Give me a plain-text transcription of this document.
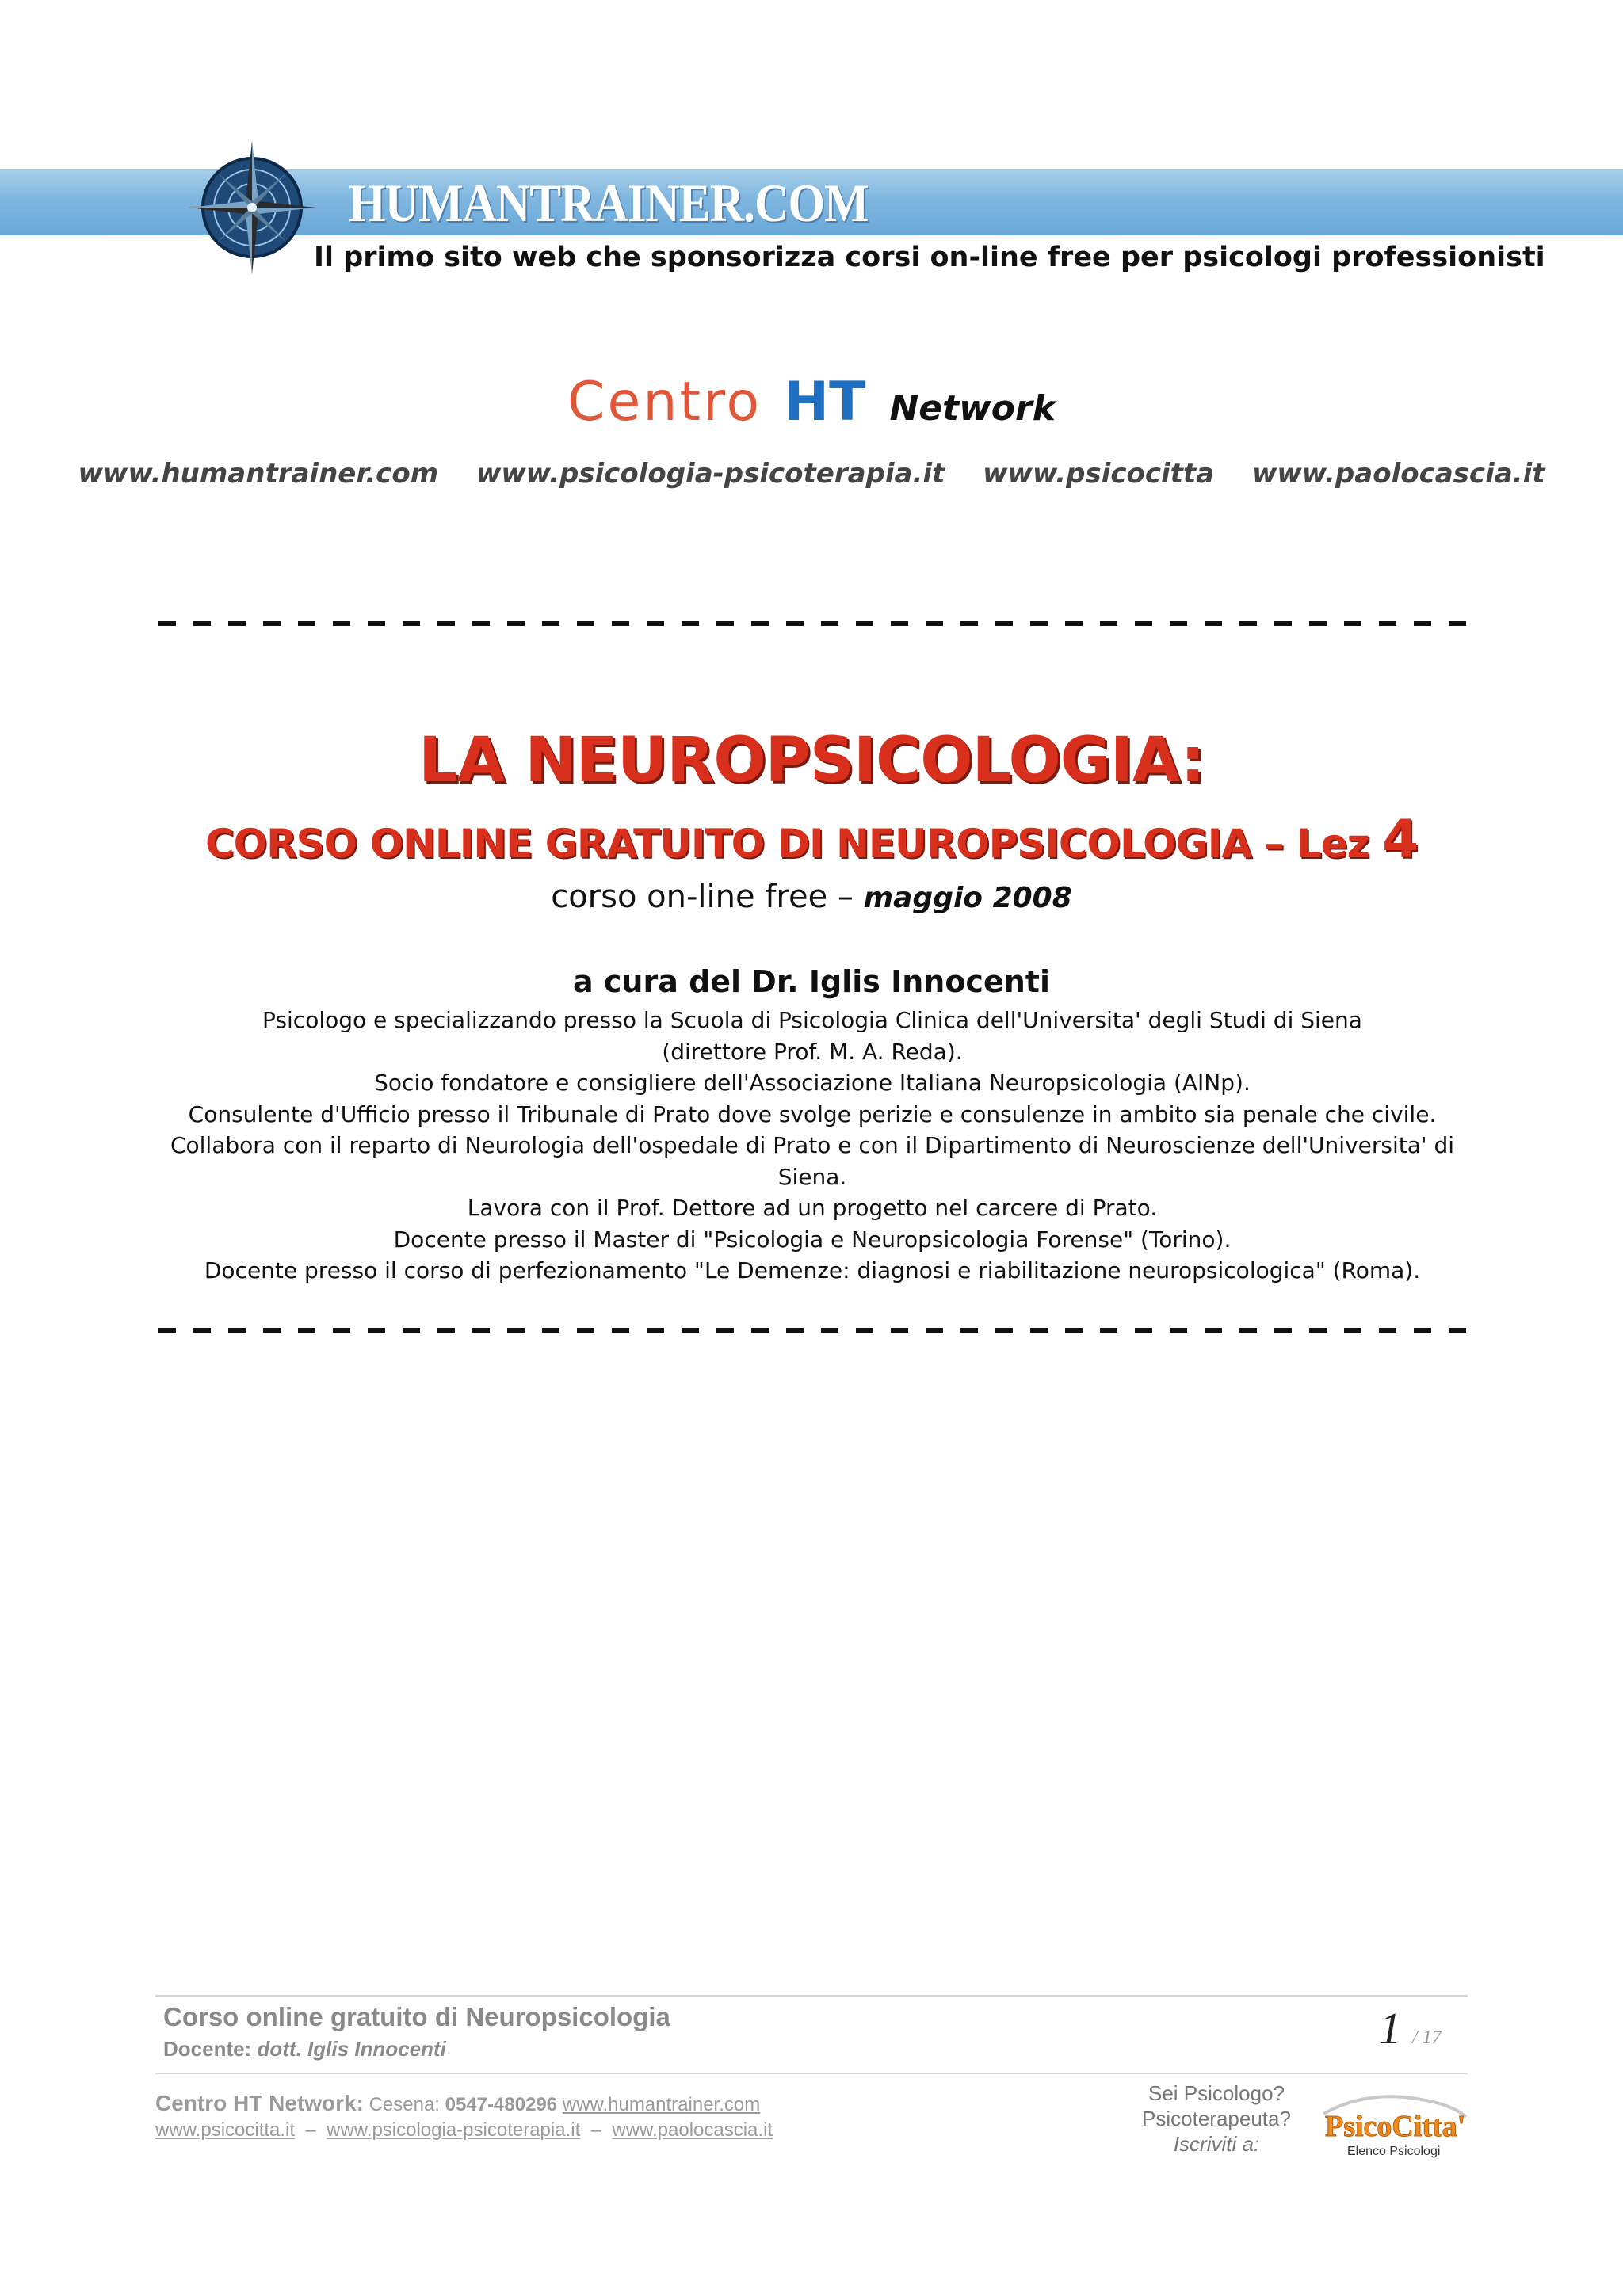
HUMANTRAINER.COM
Il primo sito web che sponsorizza corsi on-line free per psicologi professionisti
Centro HT Network
www.humantrainer.com www.psicologia-psicoterapia.it www.psicocitta www.paolocascia.it
LA NEUROPSICOLOGIA:
CORSO ONLINE GRATUITO DI NEUROPSICOLOGIA – Lez 4
corso on-line free – maggio 2008
a cura del Dr. Iglis Innocenti
Psicologo e specializzando presso la Scuola di Psicologia Clinica dell'Universita' degli Studi di Siena
(direttore Prof. M. A. Reda).
Socio fondatore e consigliere dell'Associazione Italiana Neuropsicologia (AINp).
Consulente d'Ufficio presso il Tribunale di Prato dove svolge perizie e consulenze in ambito sia penale che civile.
Collabora con il reparto di Neurologia dell'ospedale di Prato e con il Dipartimento di Neuroscienze dell'Universita' di Siena.
Lavora con il Prof. Dettore ad un progetto nel carcere di Prato.
Docente presso il Master di "Psicologia e Neuropsicologia Forense" (Torino).
Docente presso il corso di perfezionamento "Le Demenze: diagnosi e riabilitazione neuropsicologica" (Roma).
Corso online gratuito di Neuropsicologia
Docente: dott. Iglis Innocenti	1 / 17
Centro HT Network: Cesena: 0547-480296 www.humantrainer.com
www.psicocitta.it – www.psicologia-psicoterapia.it – www.paolocascia.it
Sei Psicologo?
Psicoterapeuta?
Iscriviti a:
PsicoCitta'
Elenco Psicologi
